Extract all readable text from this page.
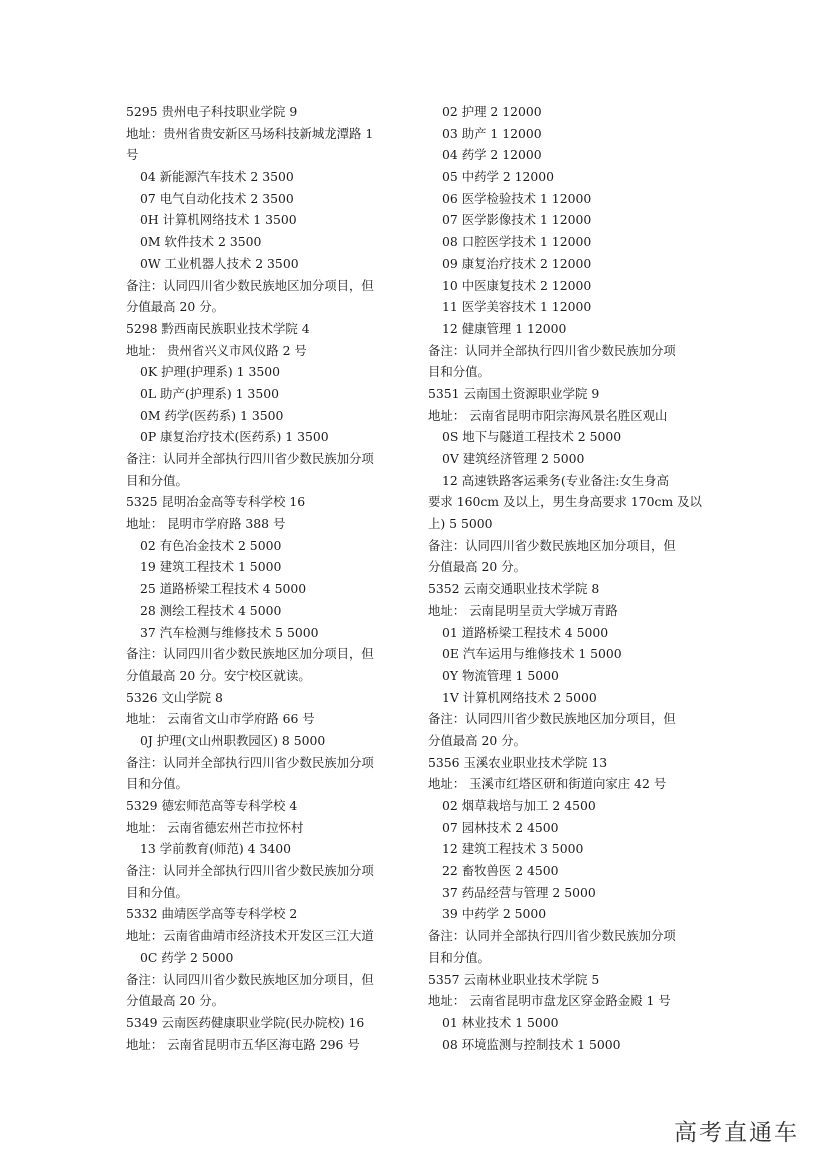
5295 贵州电子科技职业学院 9
地址：贵州省贵安新区马场科技新城龙潭路 1
号
04 新能源汽车技术 2 3500
07 电气自动化技术 2 3500
0H 计算机网络技术 1 3500
0M 软件技术 2 3500
0W 工业机器人技术 2 3500
备注：认同四川省少数民族地区加分项目，但
分值最高 20 分。
5298 黔西南民族职业技术学院 4
地址： 贵州省兴义市风仪路 2 号
0K 护理(护理系) 1 3500
0L 助产(护理系) 1 3500
0M 药学(医药系) 1 3500
0P 康复治疗技术(医药系) 1 3500
备注：认同并全部执行四川省少数民族加分项
目和分值。
5325 昆明冶金高等专科学校 16
地址： 昆明市学府路 388 号
02 有色冶金技术 2 5000
19 建筑工程技术 1 5000
25 道路桥梁工程技术 4 5000
28 测绘工程技术 4 5000
37 汽车检测与维修技术 5 5000
备注：认同四川省少数民族地区加分项目，但
分值最高 20 分。安宁校区就读。
5326 文山学院 8
地址： 云南省文山市学府路 66 号
0J 护理(文山州职教园区) 8 5000
备注：认同并全部执行四川省少数民族加分项
目和分值。
5329 德宏师范高等专科学校 4
地址： 云南省德宏州芒市拉怀村
13 学前教育(师范) 4 3400
备注：认同并全部执行四川省少数民族加分项
目和分值。
5332 曲靖医学高等专科学校 2
地址：云南省曲靖市经济技术开发区三江大道
0C 药学 2 5000
备注：认同四川省少数民族地区加分项目，但
分值最高 20 分。
5349 云南医药健康职业学院(民办院校) 16
地址： 云南省昆明市五华区海屯路 296 号
02 护理 2 12000
03 助产 1 12000
04 药学 2 12000
05 中药学 2 12000
06 医学检验技术 1 12000
07 医学影像技术 1 12000
08 口腔医学技术 1 12000
09 康复治疗技术 2 12000
10 中医康复技术 2 12000
11 医学美容技术 1 12000
12 健康管理 1 12000
备注：认同并全部执行四川省少数民族加分项
目和分值。
5351 云南国土资源职业学院 9
地址： 云南省昆明市阳宗海风景名胜区观山
0S 地下与隧道工程技术 2 5000
0V 建筑经济管理 2 5000
12 高速铁路客运乘务(专业备注:女生身高
要求 160cm 及以上，男生身高要求 170cm 及以
上) 5 5000
备注：认同四川省少数民族地区加分项目，但
分值最高 20 分。
5352 云南交通职业技术学院 8
地址： 云南昆明呈贡大学城万青路
01 道路桥梁工程技术 4 5000
0E 汽车运用与维修技术 1 5000
0Y 物流管理 1 5000
1V 计算机网络技术 2 5000
备注：认同四川省少数民族地区加分项目，但
分值最高 20 分。
5356 玉溪农业职业技术学院 13
地址： 玉溪市红塔区研和街道向家庄 42 号
02 烟草栽培与加工 2 4500
07 园林技术 2 4500
12 建筑工程技术 3 5000
22 畜牧兽医 2 4500
37 药品经营与管理 2 5000
39 中药学 2 5000
备注：认同并全部执行四川省少数民族加分项
目和分值。
5357 云南林业职业技术学院 5
地址： 云南省昆明市盘龙区穿金路金殿 1 号
01 林业技术 1 5000
08 环境监测与控制技术 1 5000
高考直通车
